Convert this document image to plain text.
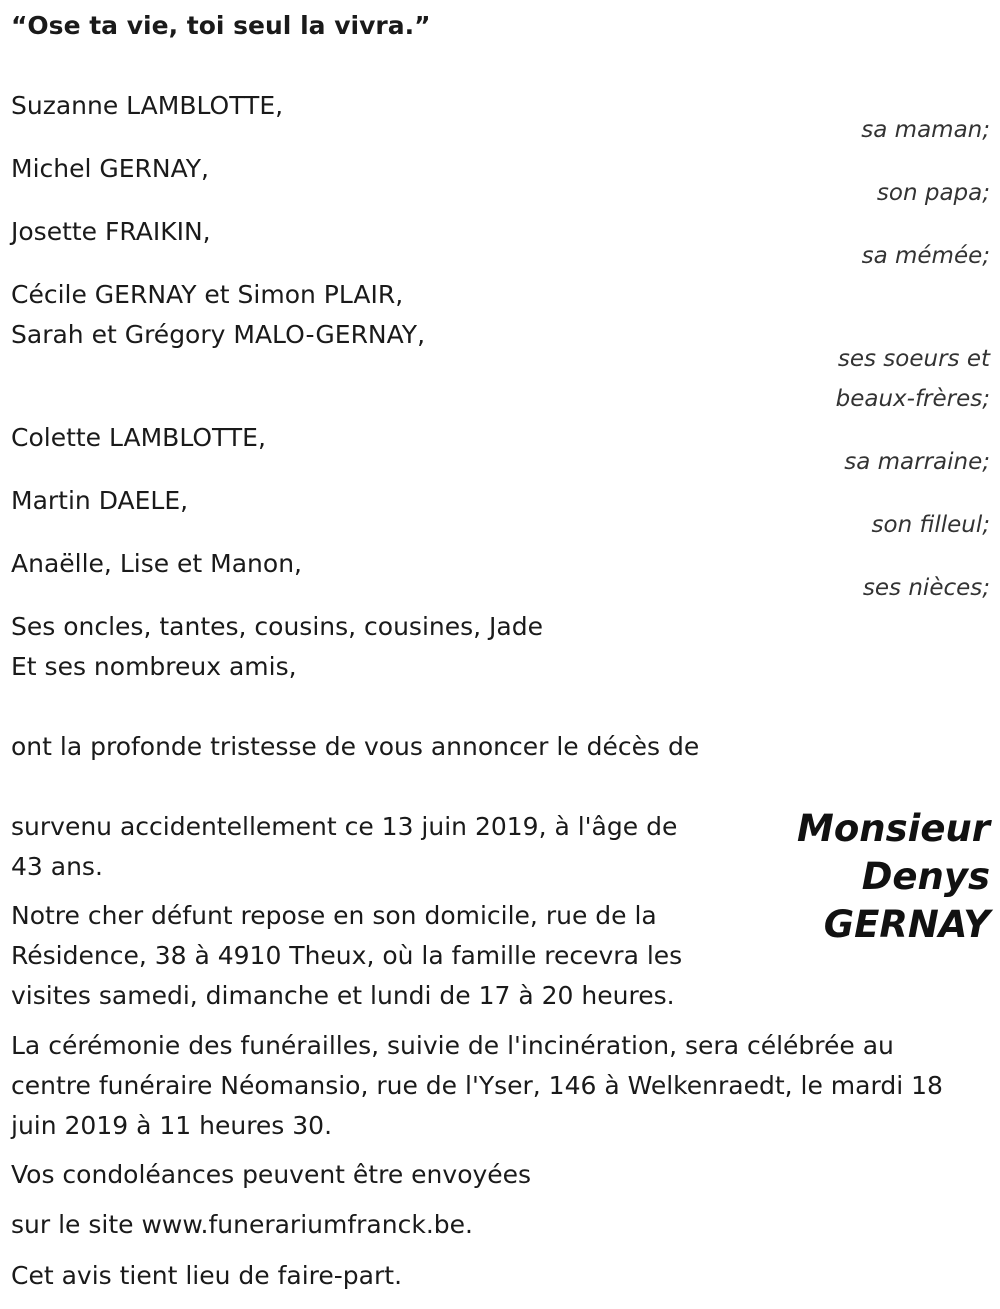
“Ose ta vie, toi seul la vivra.”
Suzanne LAMBLOTTE,
sa maman;
Michel GERNAY,
son papa;
Josette FRAIKIN,
sa mémée;
Cécile GERNAY et Simon PLAIR,
Sarah et Grégory MALO-GERNAY,
ses soeurs et
beaux-frères;
Colette LAMBLOTTE,
sa marraine;
Martin DAELE,
son filleul;
Anaëlle, Lise et Manon,
ses nièces;
Ses oncles, tantes, cousins, cousines, Jade
Et ses nombreux amis,
ont la profonde tristesse de vous annoncer le décès de
Monsieur
Denys
GERNAY
survenu accidentellement ce 13 juin 2019, à l'âge de
43 ans.
Notre cher défunt repose en son domicile, rue de la
Résidence, 38 à 4910 Theux, où la famille recevra les
visites samedi, dimanche et lundi de 17 à 20 heures.
La cérémonie des funérailles, suivie de l'incinération, sera célébrée au
centre funéraire Néomansio, rue de l'Yser, 146 à Welkenraedt, le mardi 18
juin 2019 à 11 heures 30.
Vos condoléances peuvent être envoyées
sur le site www.funerariumfranck.be.
Cet avis tient lieu de faire-part.
